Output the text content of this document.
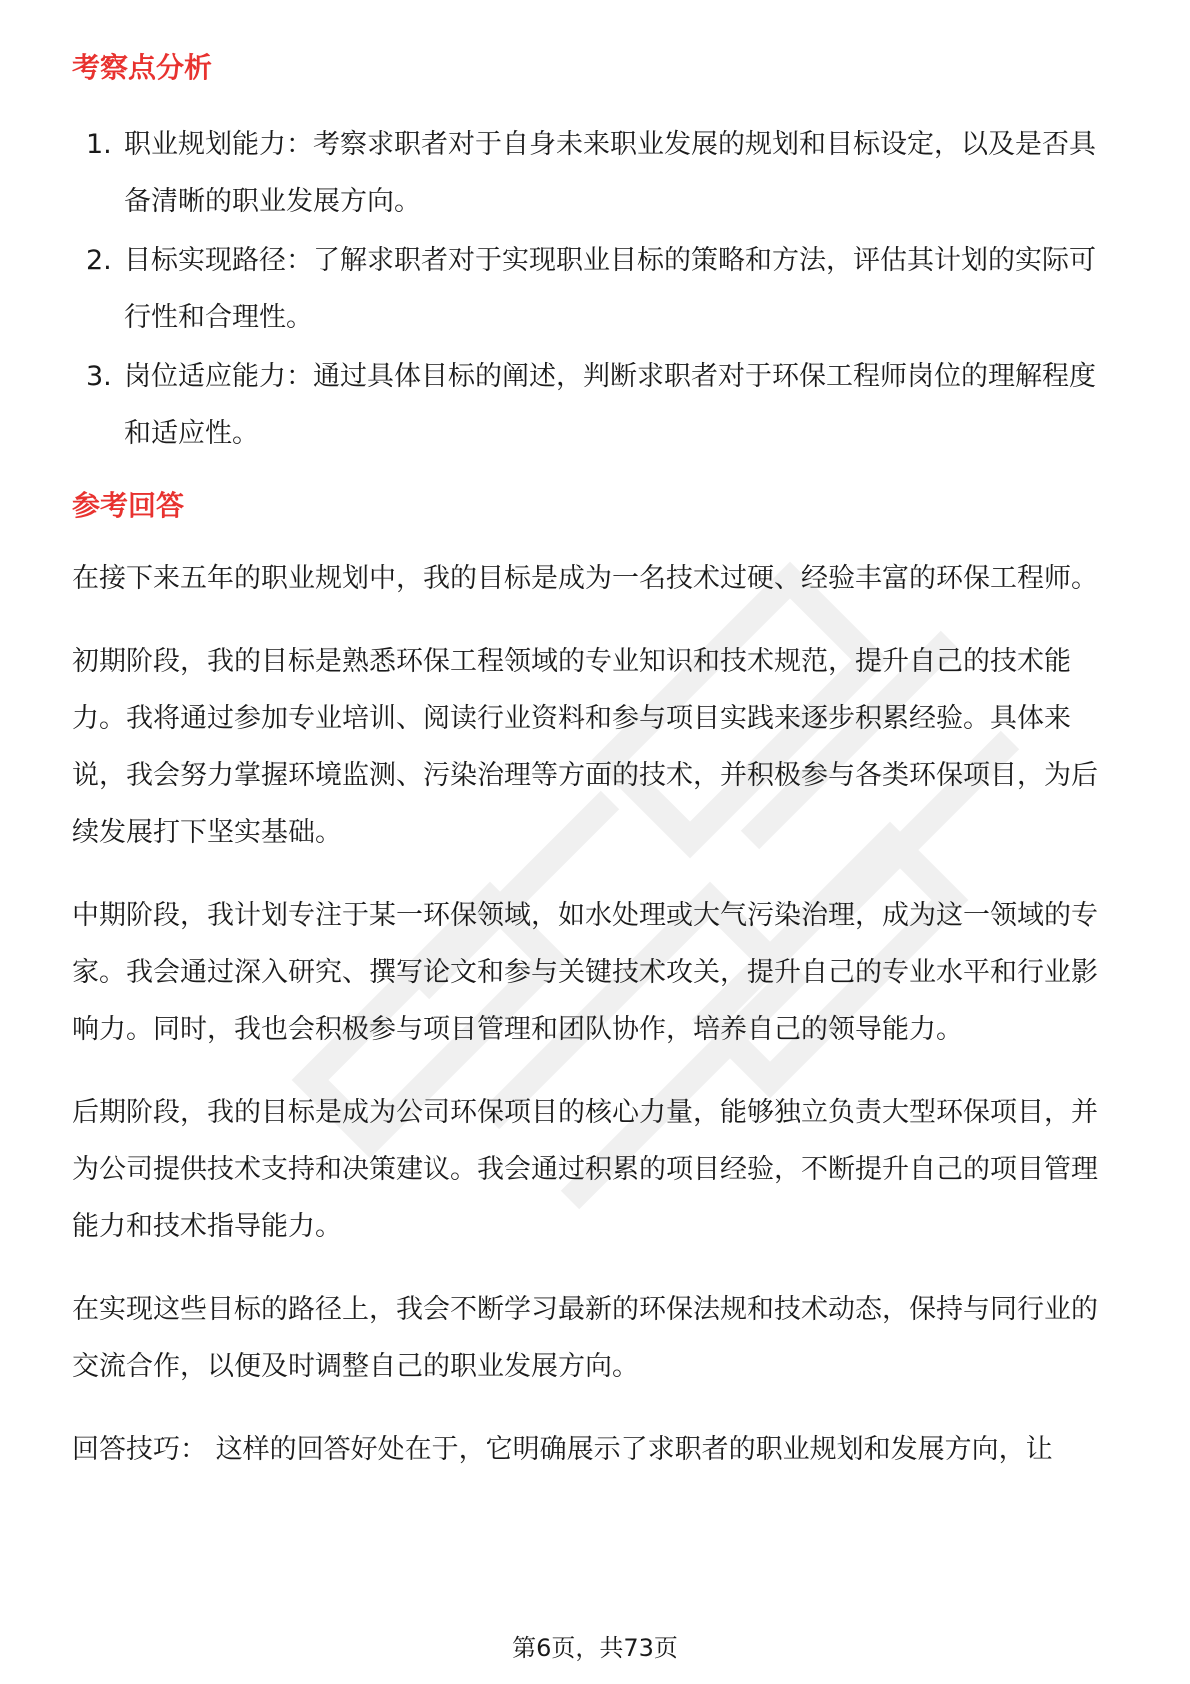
考察点分析
1. 职业规划能力：考察求职者对于自身未来职业发展的规划和目标设定，以及是否具备清晰的职业发展方向。
2. 目标实现路径：了解求职者对于实现职业目标的策略和方法，评估其计划的实际可行性和合理性。
3. 岗位适应能力：通过具体目标的阐述，判断求职者对于环保工程师岗位的理解程度和适应性。
参考回答

在接下来五年的职业规划中，我的目标是成为一名技术过硬、经验丰富的环保工程师。

初期阶段，我的目标是熟悉环保工程领域的专业知识和技术规范，提升自己的技术能力。我将通过参加专业培训、阅读行业资料和参与项目实践来逐步积累经验。具体来说，我会努力掌握环境监测、污染治理等方面的技术，并积极参与各类环保项目，为后续发展打下坚实基础。

中期阶段，我计划专注于某一环保领域，如水处理或大气污染治理，成为这一领域的专家。我会通过深入研究、撰写论文和参与关键技术攻关，提升自己的专业水平和行业影响力。同时，我也会积极参与项目管理和团队协作，培养自己的领导能力。

后期阶段，我的目标是成为公司环保项目的核心力量，能够独立负责大型环保项目，并为公司提供技术支持和决策建议。我会通过积累的项目经验，不断提升自己的项目管理能力和技术指导能力。

在实现这些目标的路径上，我会不断学习最新的环保法规和技术动态，保持与同行业的交流合作，以便及时调整自己的职业发展方向。

回答技巧： 这样的回答好处在于，它明确展示了求职者的职业规划和发展方向，让

第6页，共73页
